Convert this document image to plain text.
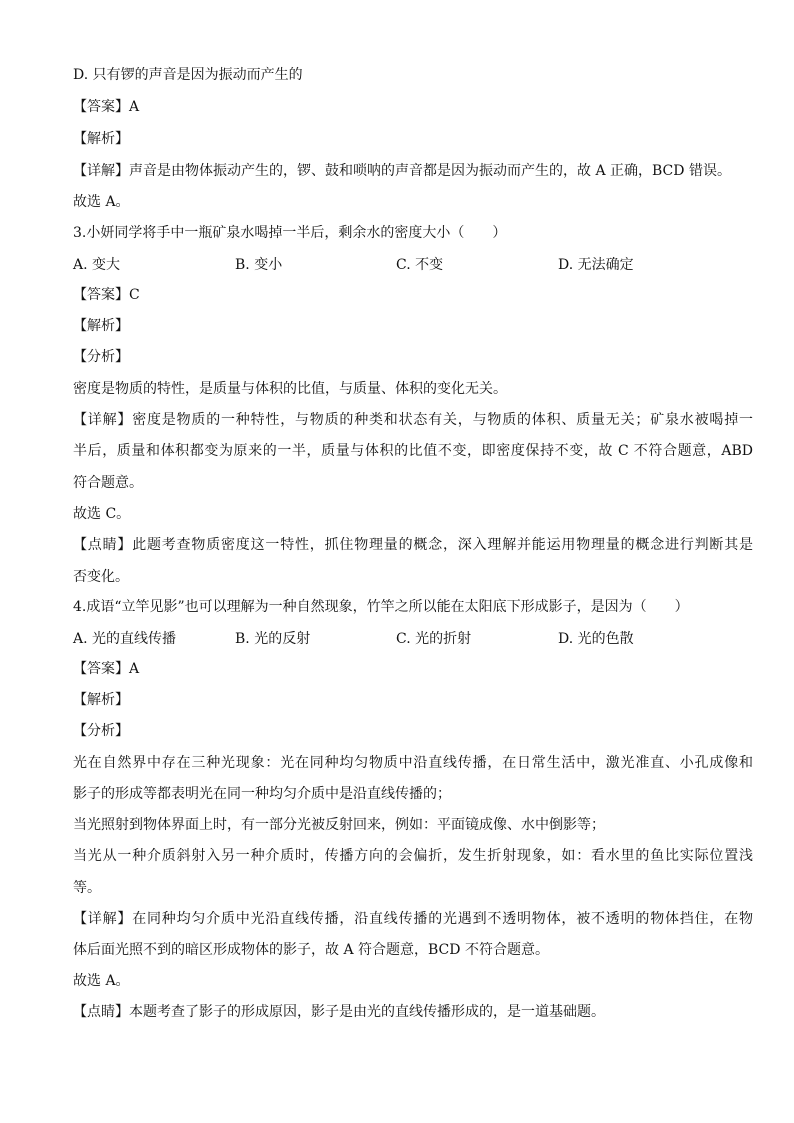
D. 只有锣的声音是因为振动而产生的
【答案】A
【解析】
【详解】声音是由物体振动产生的，锣、鼓和唢呐的声音都是因为振动而产生的，故 A 正确，BCD 错误。
故选 A。
3.小妍同学将手中一瓶矿泉水喝掉一半后，剩余水的密度大小（　　）
A. 变大	B. 变小	C. 不变	D. 无法确定
【答案】C
【解析】
【分析】
密度是物质的特性，是质量与体积的比值，与质量、体积的变化无关。
【详解】密度是物质的一种特性，与物质的种类和状态有关，与物质的体积、质量无关；矿泉水被喝掉一
半后，质量和体积都变为原来的一半，质量与体积的比值不变，即密度保持不变，故 C 不符合题意，ABD
符合题意。
故选 C。
【点睛】此题考查物质密度这一特性，抓住物理量的概念，深入理解并能运用物理量的概念进行判断其是
否变化。
4.成语“立竿见影”也可以理解为一种自然现象，竹竿之所以能在太阳底下形成影子，是因为（　　）
A. 光的直线传播	B. 光的反射	C. 光的折射	D. 光的色散
【答案】A
【解析】
【分析】
光在自然界中存在三种光现象：光在同种均匀物质中沿直线传播，在日常生活中，激光准直、小孔成像和
影子的形成等都表明光在同一种均匀介质中是沿直线传播的；
当光照射到物体界面上时，有一部分光被反射回来，例如：平面镜成像、水中倒影等；
当光从一种介质斜射入另一种介质时，传播方向的会偏折，发生折射现象，如：看水里的鱼比实际位置浅
等。
【详解】在同种均匀介质中光沿直线传播，沿直线传播的光遇到不透明物体，被不透明的物体挡住，在物
体后面光照不到的暗区形成物体的影子，故 A 符合题意，BCD 不符合题意。
故选 A。
【点睛】本题考查了影子的形成原因，影子是由光的直线传播形成的，是一道基础题。
